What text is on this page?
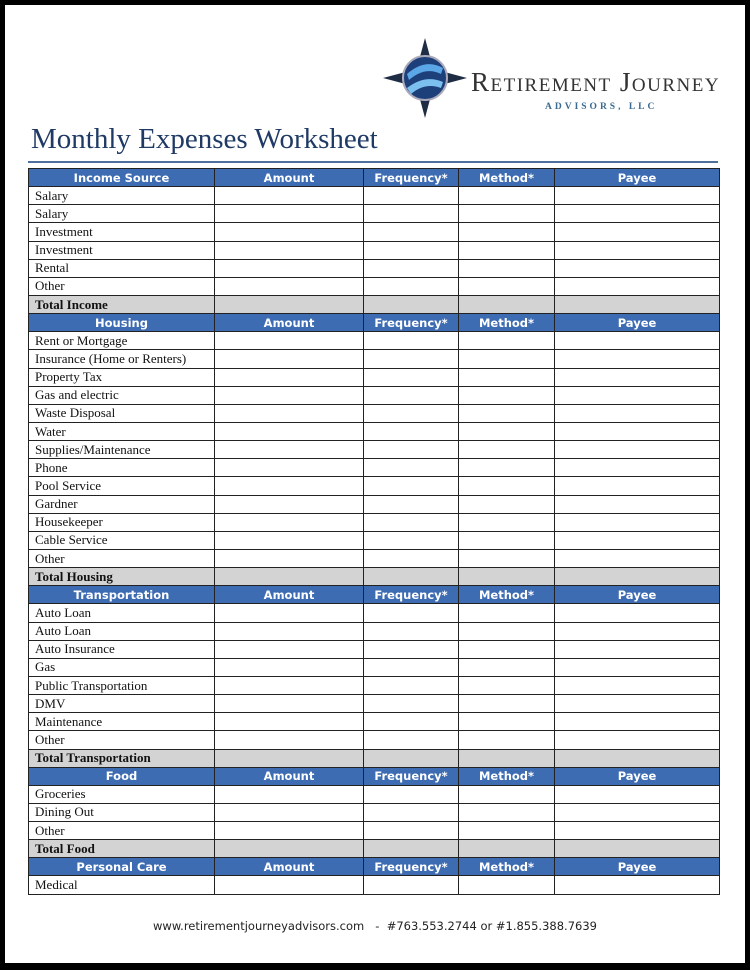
Retirement Journey
ADVISORS, LLC
Monthly Expenses Worksheet
Income Source	Amount	Frequency*	Method*	Payee
Salary				
Salary				
Investment				
Investment				
Rental				
Other				
Total Income				
Housing	Amount	Frequency*	Method*	Payee
Rent or Mortgage				
Insurance (Home or Renters)				
Property Tax				
Gas and electric				
Waste Disposal				
Water				
Supplies/Maintenance				
Phone				
Pool Service				
Gardner				
Housekeeper				
Cable Service				
Other				
Total Housing				
Transportation	Amount	Frequency*	Method*	Payee
Auto Loan				
Auto Loan				
Auto Insurance				
Gas				
Public Transportation				
DMV				
Maintenance				
Other				
Total Transportation				
Food	Amount	Frequency*	Method*	Payee
Groceries				
Dining Out				
Other				
Total Food				
Personal Care	Amount	Frequency*	Method*	Payee
Medical				
www.retirementjourneyadvisors.com - #763.553.2744 or #1.855.388.7639
